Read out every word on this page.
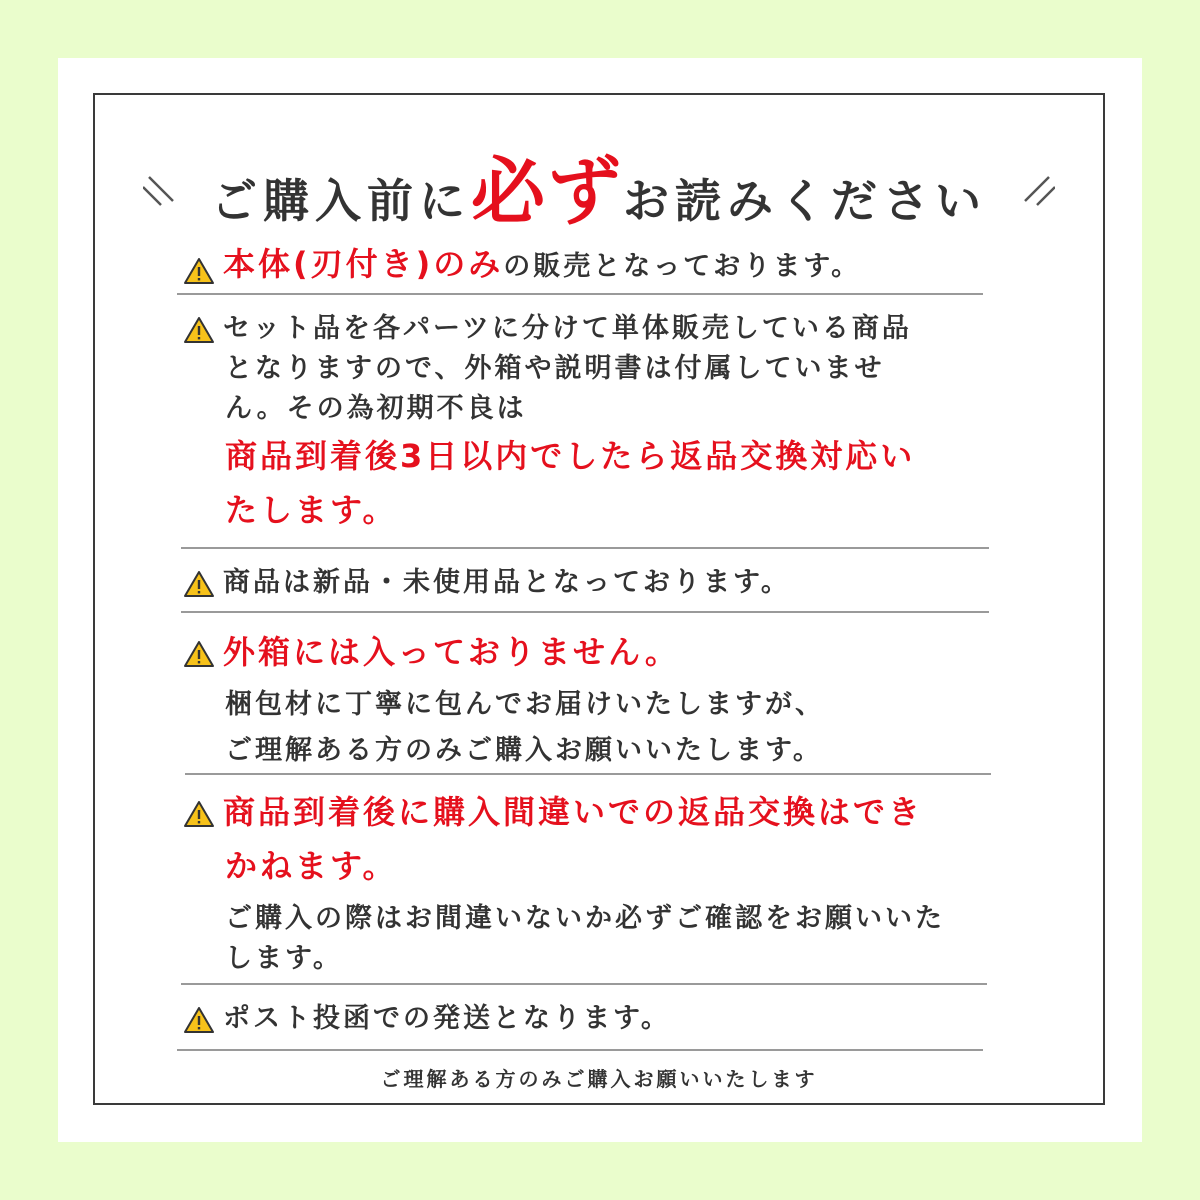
ご購入前に必ずお読みください
本体(刃付き)のみの販売となっております。
セット品を各パーツに分けて単体販売している商品
となりますので、外箱や説明書は付属していませ
ん。その為初期不良は
商品到着後3日以内でしたら返品交換対応い
たします。
商品は新品・未使用品となっております。
外箱には入っておりません。
梱包材に丁寧に包んでお届けいたしますが、
ご理解ある方のみご購入お願いいたします。
商品到着後に購入間違いでの返品交換はでき
かねます。
ご購入の際はお間違いないか必ずご確認をお願いいた
します。
ポスト投函での発送となります。
ご理解ある方のみご購入お願いいたします
